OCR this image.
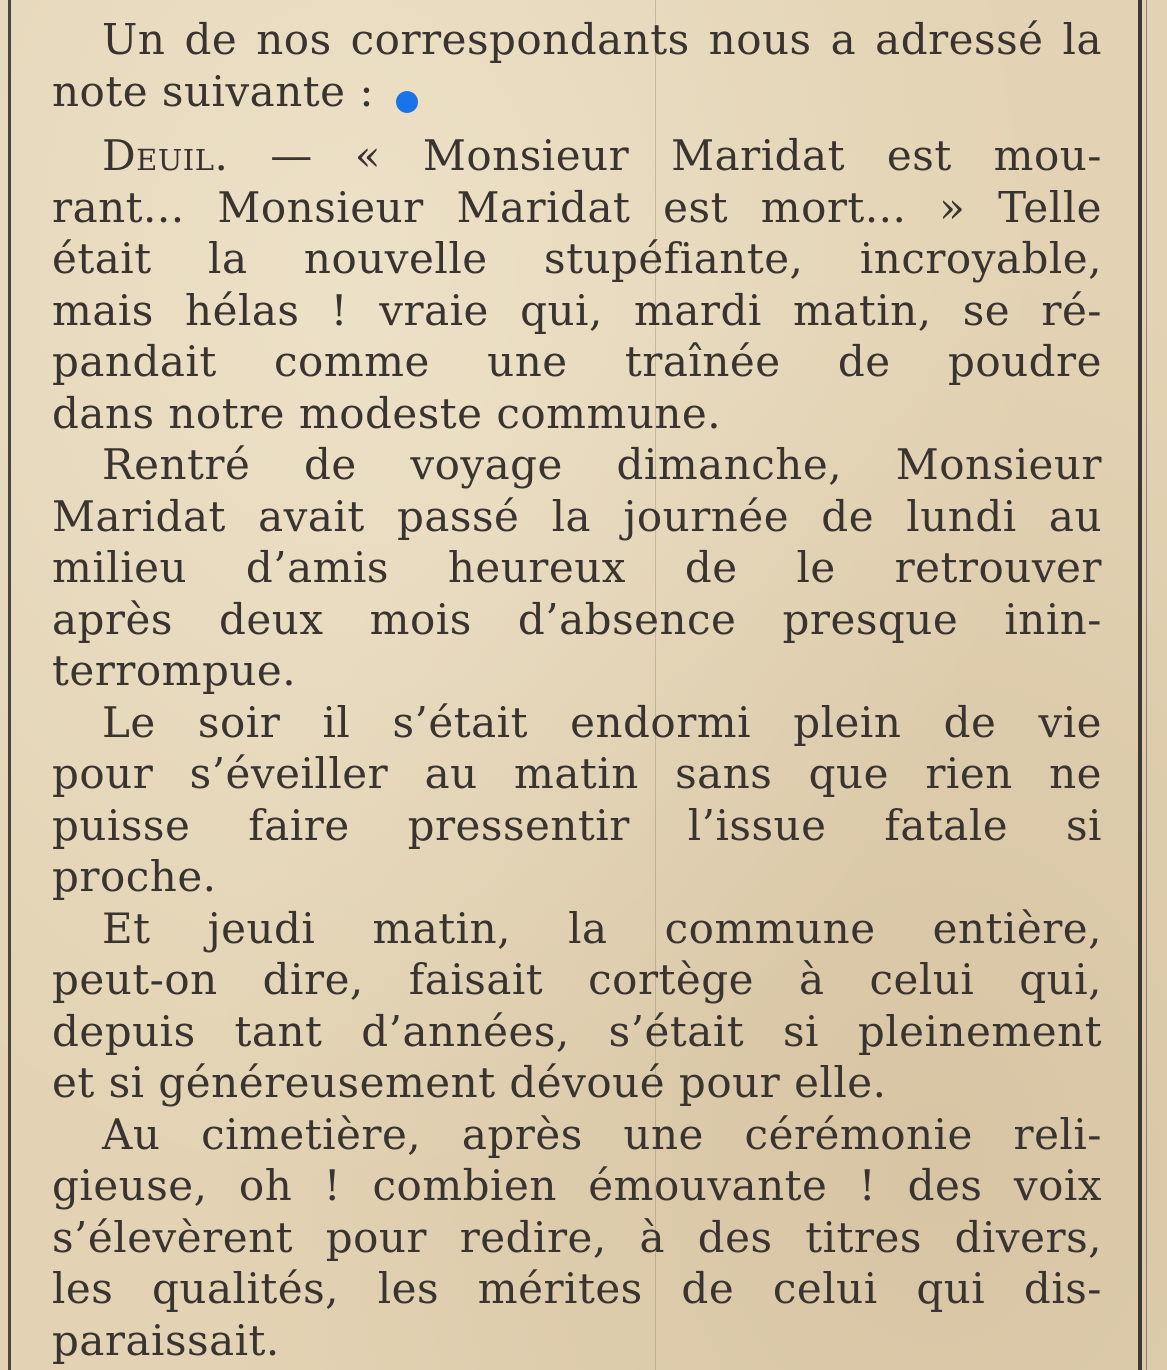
Un de nos correspondants nous a adressé la
note suivante :
Deuil. — « Monsieur Maridat est mou-
rant... Monsieur Maridat est mort... » Telle
était la nouvelle stupéfiante, incroyable,
mais hélas ! vraie qui, mardi matin, se ré-
pandait comme une traînée de poudre
dans notre modeste commune.
Rentré de voyage dimanche, Monsieur
Maridat avait passé la journée de lundi au
milieu d’amis heureux de le retrouver
après deux mois d’absence presque inin-
terrompue.
Le soir il s’était endormi plein de vie
pour s’éveiller au matin sans que rien ne
puisse faire pressentir l’issue fatale si
proche.
Et jeudi matin, la commune entière,
peut-on dire, faisait cortège à celui qui,
depuis tant d’années, s’était si pleinement
et si généreusement dévoué pour elle.
Au cimetière, après une cérémonie reli-
gieuse, oh ! combien émouvante ! des voix
s’élevèrent pour redire, à des titres divers,
les qualités, les mérites de celui qui dis-
paraissait.
